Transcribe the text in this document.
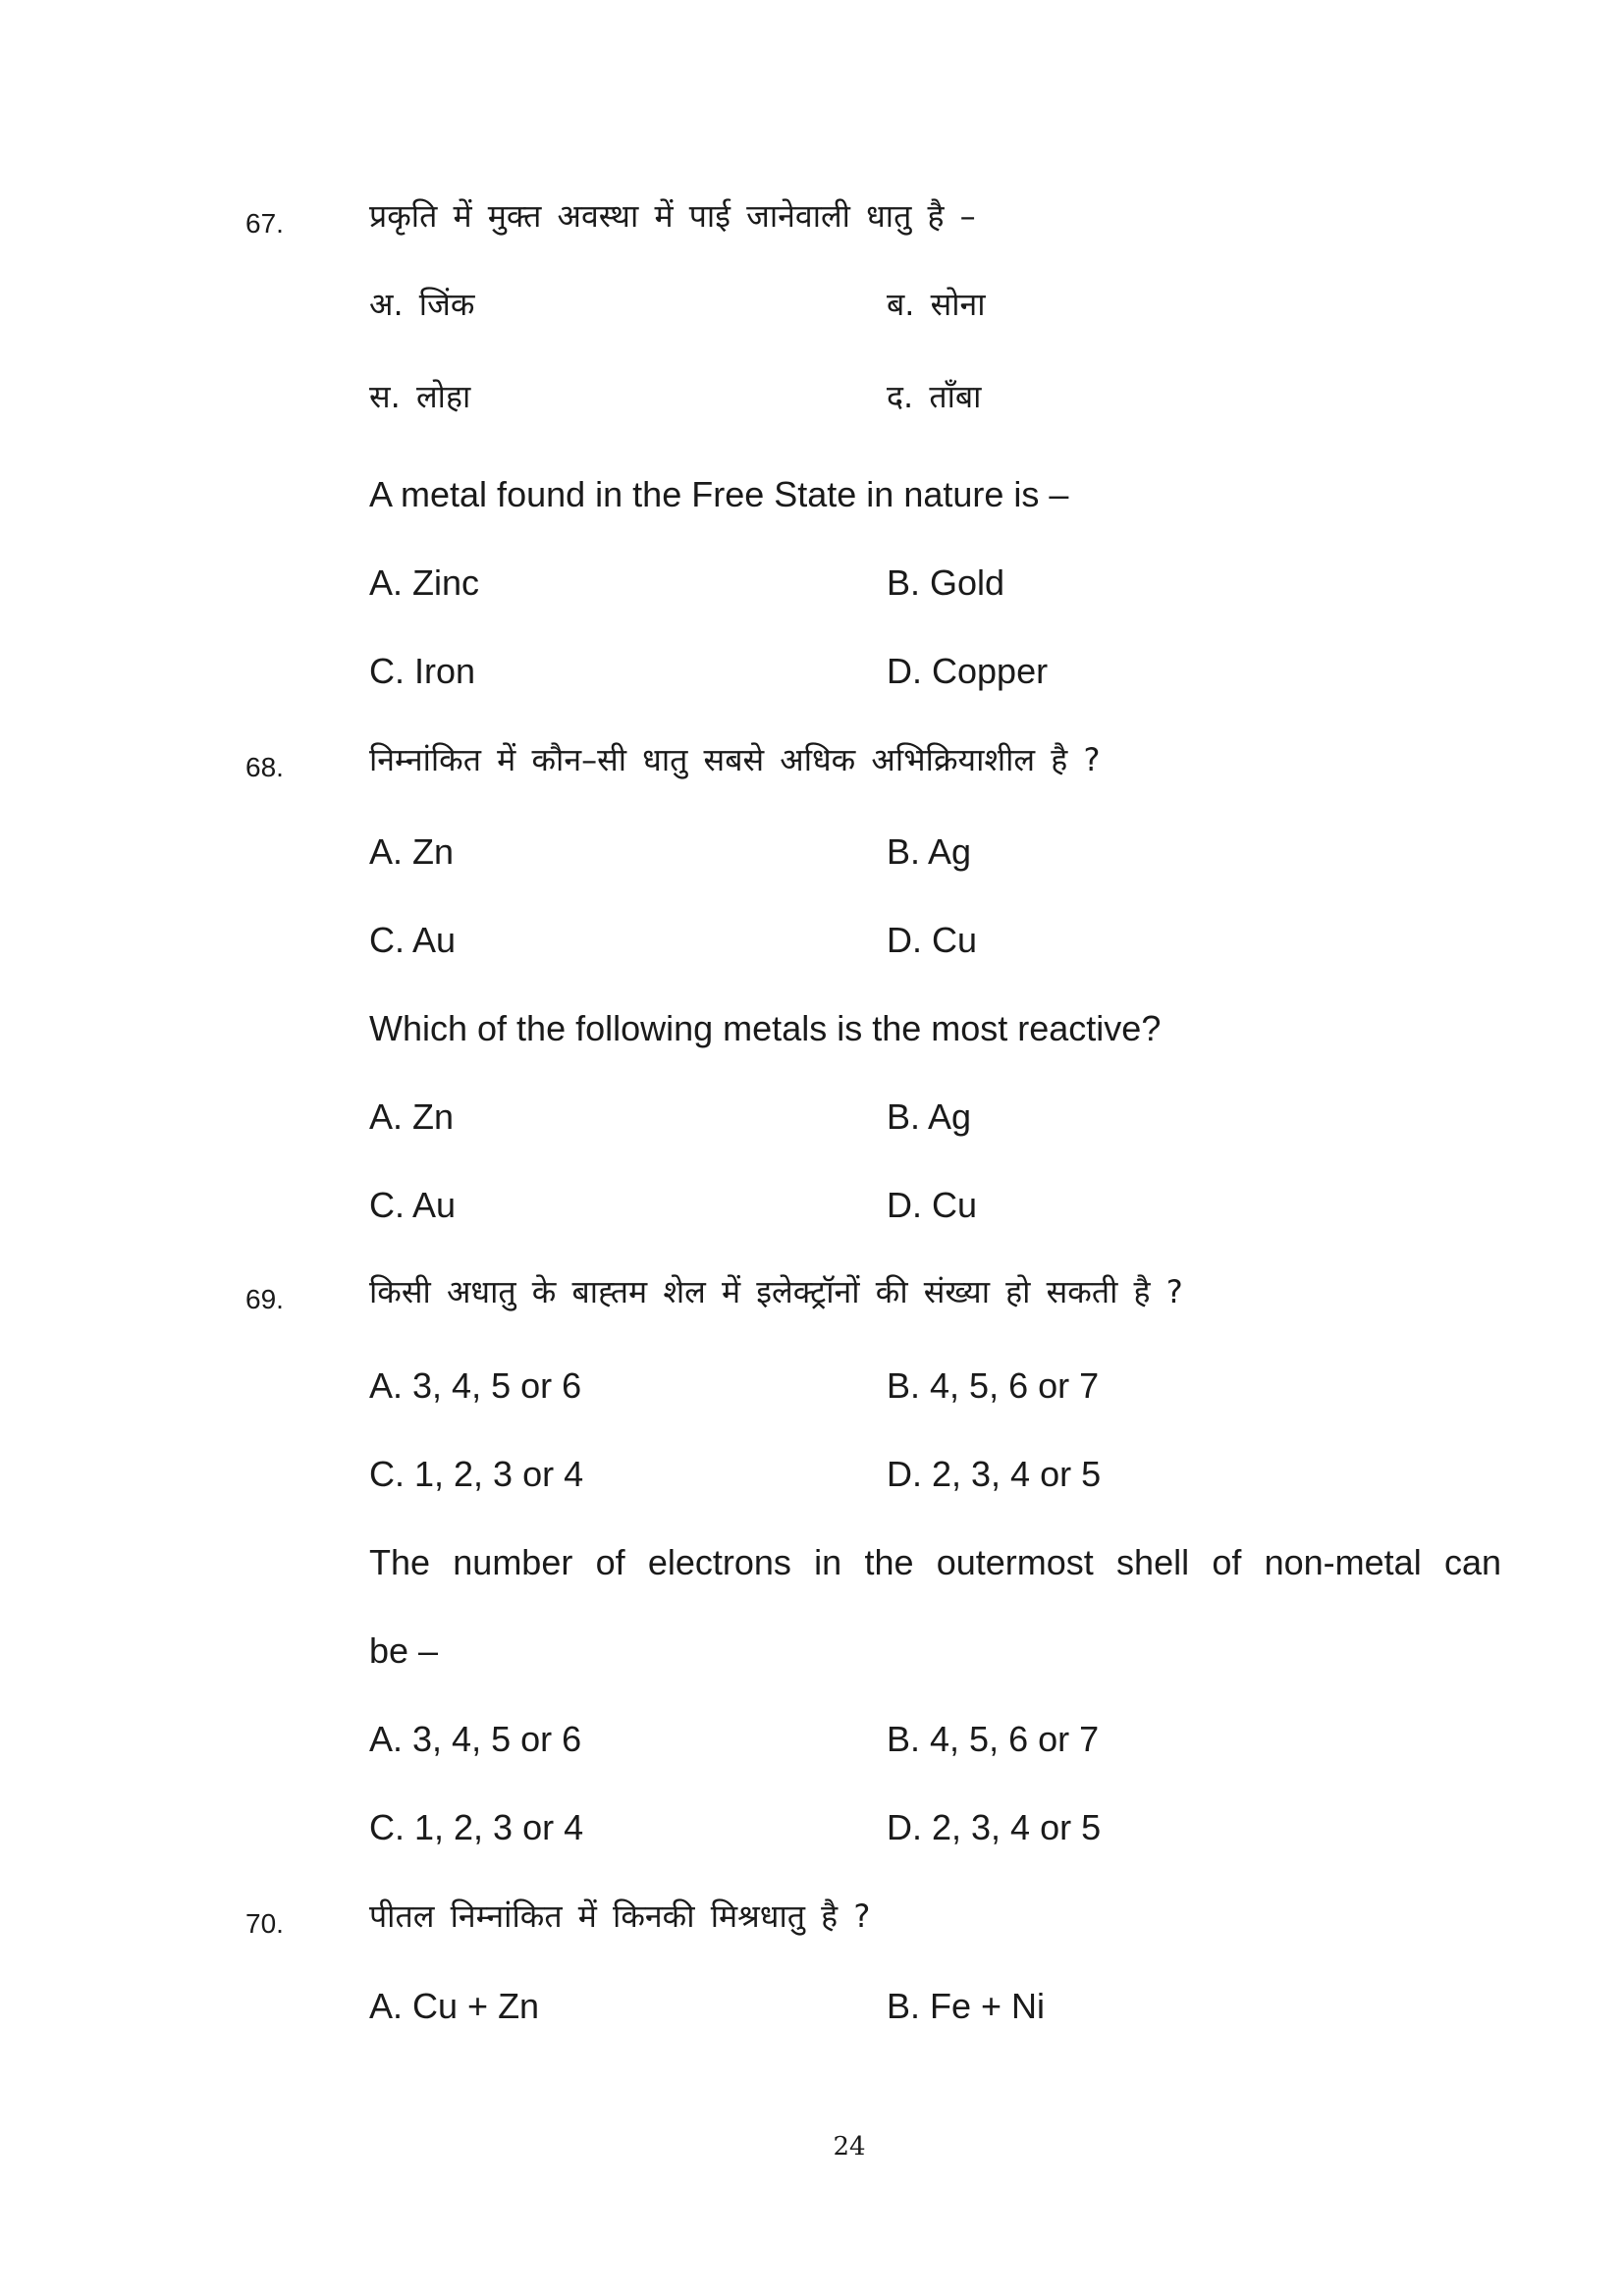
67.	प्रकृति में मुक्त अवस्था में पाई जानेवाली धातु है –
अ. जिंक	ब. सोना
स. लोहा	द. ताँबा
A metal found in the Free State in nature is –
A. Zinc	B. Gold
C. Iron	D. Copper
68.	निम्नांकित में कौन–सी धातु सबसे अधिक अभिक्रियाशील है ?
A. Zn	B. Ag
C. Au	D. Cu
Which of the following metals is the most reactive?
A. Zn	B. Ag
C. Au	D. Cu
69.	किसी अधातु के बाह्तम शेल में इलेक्ट्रॉनों की संख्या हो सकती है ?
A. 3, 4, 5 or 6	B. 4, 5, 6 or 7
C. 1, 2, 3 or 4	D. 2, 3, 4 or 5
The number of electrons in the outermost shell of non-metal can
be –
A. 3, 4, 5 or 6	B. 4, 5, 6 or 7
C. 1, 2, 3 or 4	D. 2, 3, 4 or 5
70.	पीतल निम्नांकित में किनकी मिश्रधातु है ?
A. Cu + Zn	B. Fe + Ni
24
